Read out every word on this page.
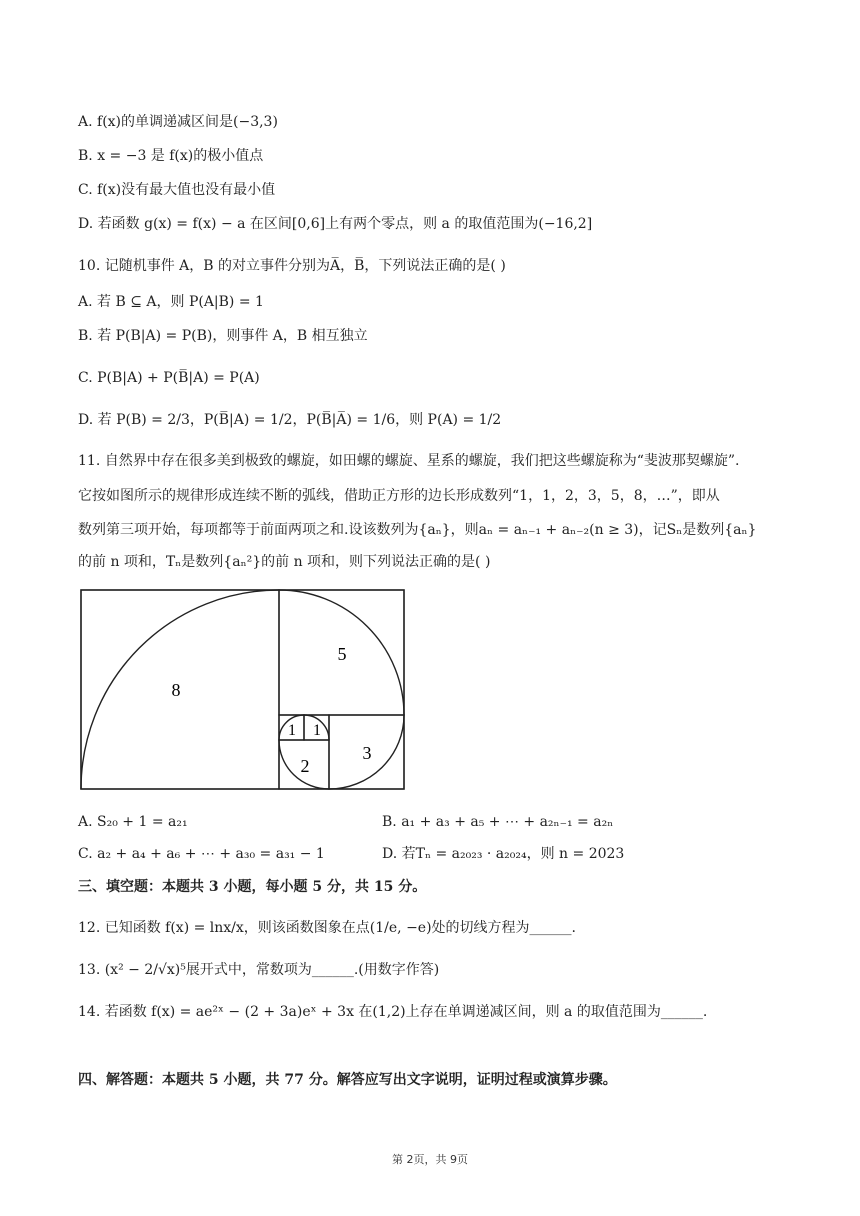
A. f(x)的单调递减区间是(−3,3)
B. x = −3 是 f(x)的极小值点
C. f(x)没有最大值也没有最小值
D. 若函数 g(x) = f(x) − a 在区间[0,6]上有两个零点，则 a 的取值范围为(−16,2]
10. 记随机事件 A，B 的对立事件分别为A̅，B̅，下列说法正确的是( )
A. 若 B ⊆ A，则 P(A|B) = 1
B. 若 P(B|A) = P(B)，则事件 A，B 相互独立
C. P(B|A) + P(B̅|A) = P(A)
D. 若 P(B) = 2/3，P(B̅|A) = 1/2，P(B̅|A̅) = 1/6，则 P(A) = 1/2
11. 自然界中存在很多美到极致的螺旋，如田螺的螺旋、星系的螺旋，我们把这些螺旋称为“斐波那契螺旋”.
它按如图所示的规律形成连续不断的弧线，借助正方形的边长形成数列“1，1，2，3，5，8，…”，即从
数列第三项开始，每项都等于前面两项之和.设该数列为{aₙ}，则aₙ = aₙ₋₁ + aₙ₋₂(n ≥ 3)，记Sₙ是数列{aₙ}
的前 n 项和，Tₙ是数列{aₙ²}的前 n 项和，则下列说法正确的是( )
8
5
3
2
1 1
A. S₂₀ + 1 = a₂₁	B. a₁ + a₃ + a₅ + ⋯ + a₂ₙ₋₁ = a₂ₙ
C. a₂ + a₄ + a₆ + ⋯ + a₃₀ = a₃₁ − 1	D. 若Tₙ = a₂₀₂₃ · a₂₀₂₄，则 n = 2023
三、填空题：本题共 3 小题，每小题 5 分，共 15 分。
12. 已知函数 f(x) = lnx/x，则该函数图象在点(1/e, −e)处的切线方程为______.
13. (x² − 2/√x)⁵展开式中，常数项为______.(用数字作答)
14. 若函数 f(x) = ae²ˣ − (2 + 3a)eˣ + 3x 在(1,2)上存在单调递减区间，则 a 的取值范围为______.
四、解答题：本题共 5 小题，共 77 分。解答应写出文字说明，证明过程或演算步骤。
第 2页，共 9页
